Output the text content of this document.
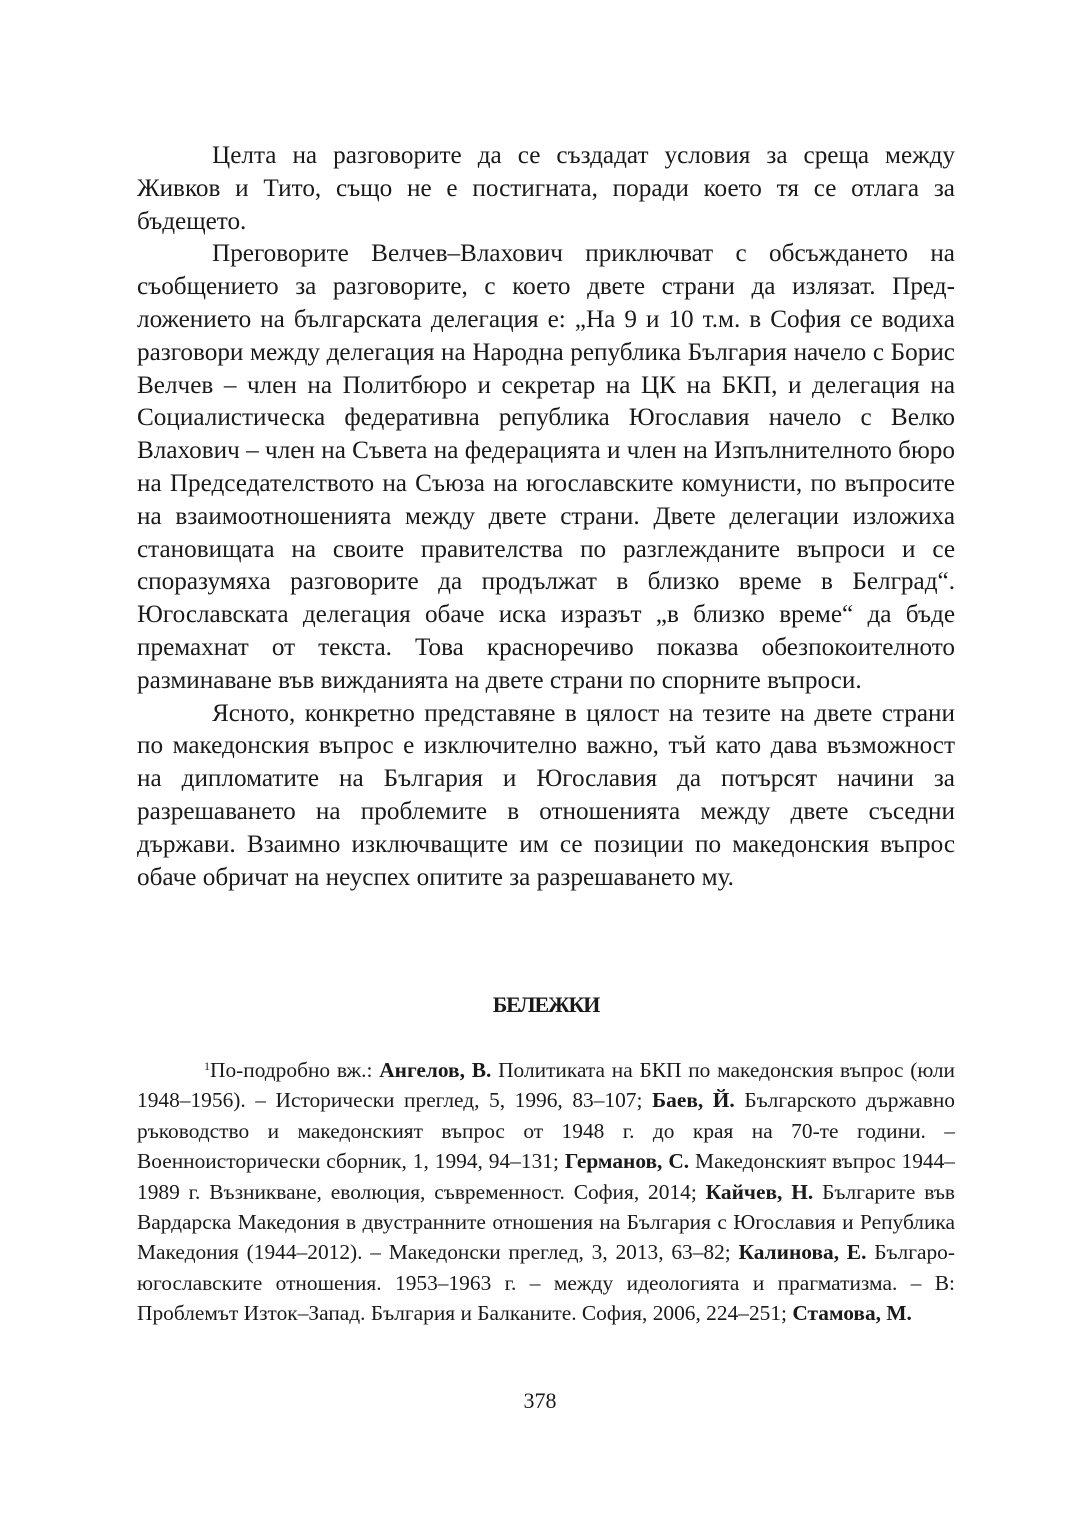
Целта на разговорите да се създадат условия за среща между Живков и Тито, също не е постигната, поради което тя се отлага за бъдещето.

Преговорите Велчев–Влахович приключват с обсъждането на съобщението за разговорите, с което двете страни да излязат. Предложението на българската делегация е: „На 9 и 10 т.м. в София се водиха разговори между делегация на Народна република България начело с Борис Велчев – член на Политбюро и секретар на ЦК на БКП, и делегация на Социалистическа федеративна република Югославия начело с Велко Влахович – член на Съвета на федерацията и член на Изпълнителното бюро на Председателството на Съюза на югославските комунисти, по въпросите на взаимоотношенията между двете страни. Двете делегации изложиха становищата на своите правителства по разглежданите въпроси и се споразумяха разговорите да продължат в близко време в Белград“. Югославската делегация обаче иска изразът „в близко време“ да бъде премахнат от текста. Това красноречиво показва обезпокоителното разминаване във вижданията на двете страни по спорните въпроси.

Ясното, конкретно представяне в цялост на тезите на двете страни по македонския въпрос е изключително важно, тъй като дава възможност на дипломатите на България и Югославия да потърсят начини за разрешаването на проблемите в отношенията между двете съседни държави. Взаимно изключващите им се позиции по македонския въпрос обаче обричат на неуспех опитите за разрешаването му.

БЕЛЕЖКИ

$^1$По-подробно вж.: Ангелов, В. Политиката на БКП по македонския въпрос (юли 1948–1956). – Исторически преглед, 5, 1996, 83–107; Баев, Й. Българското държавно ръководство и македонският въпрос от 1948 г. до края на 70-те години. – Военноисторически сборник, 1, 1994, 94–131; Германов, С. Македонският въпрос 1944–1989 г. Възникване, еволюция, съвременност. София, 2014; Кайчев, Н. Българите във Вардарска Македония в двустранните отношения на България с Югославия и Република Македония (1944–2012). – Македонски преглед, 3, 2013, 63–82; Калинова, Е. Българо-югославските отношения. 1953–1963 г. – между идеологията и прагматизма. – В: Проблемът Изток–Запад. България и Балканите. София, 2006, 224–251; Стамова, М.

378
